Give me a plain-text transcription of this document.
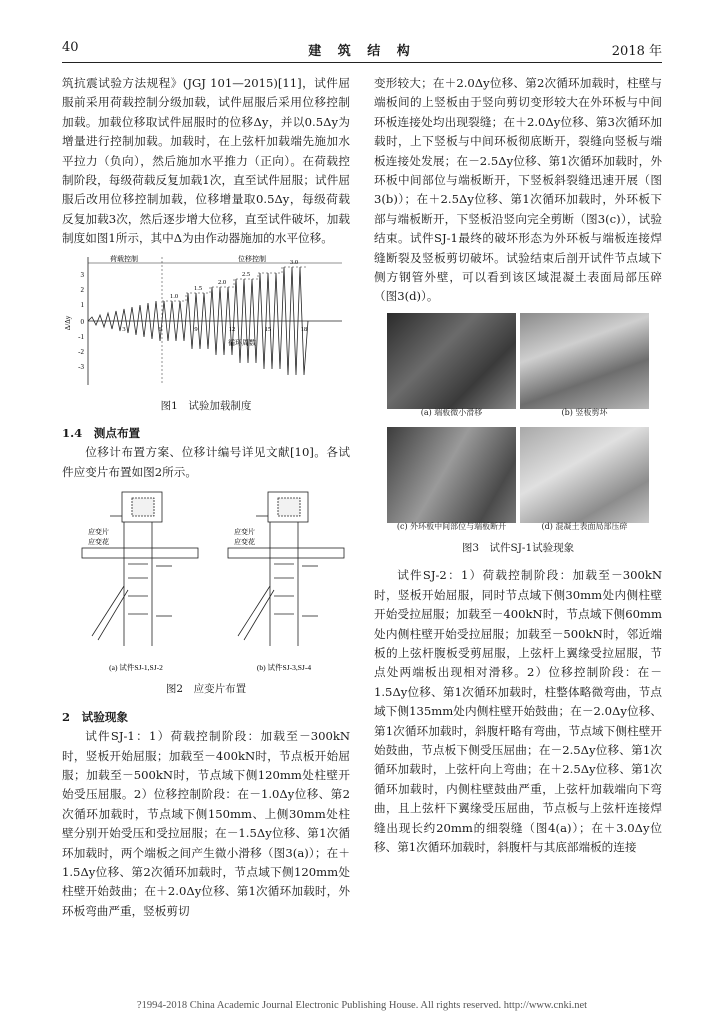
40	建 筑 结 构	2018 年

筑抗震试验方法规程》(JGJ 101—2015)[11]，试件屈服前采用荷载控制分级加载，试件屈服后采用位移控制加载。加载位移取试件屈服时的位移Δy，并以0.5Δy为增量进行控制加载。加载时，在上弦杆加载端先施加水平拉力（负向），然后施加水平推力（正向）。在荷载控制阶段，每级荷载反复加载1次，直至试件屈服；试件屈服后改用位移控制加载，位移增量取0.5Δy，每级荷载反复加载3次，然后逐步增大位移，直至试件破坏，加载制度如图1所示，其中Δ为由作动器施加的水平位移。

荷载控制	位移控制
3
2
1
0
-1
-2
-3
Δ/Δy
1.0
1.5
2.0
2.5
3.0
3	6	9	12	15	18
循环周数

图1　试验加载制度

1.4　测点布置

位移计布置方案、位移计编号详见文献[10]。各试件应变片布置如图2所示。

应变片
应变花
(a) 试件SJ-1,SJ-2
应变片
应变花
(b) 试件SJ-3,SJ-4

图2　应变片布置

2　试验现象

试件SJ-1：1）荷载控制阶段：加载至－300kN时，竖板开始屈服；加载至－400kN时，节点板开始屈服；加载至－500kN时，节点域下侧120mm处柱壁开始受压屈服。2）位移控制阶段：在－1.0Δy位移、第2次循环加载时，节点域下侧150mm、上侧30mm处柱壁分别开始受压和受拉屈服；在－1.5Δy位移、第1次循环加载时，两个端板之间产生微小滑移（图3(a)）；在＋1.5Δy位移、第2次循环加载时，节点域下侧120mm处柱壁开始鼓曲；在＋2.0Δy位移、第1次循环加载时，外环板弯曲严重，竖板剪切

变形较大；在＋2.0Δy位移、第2次循环加载时，柱壁与端板间的上竖板由于竖向剪切变形较大在外环板与中间环板连接处均出现裂缝；在＋2.0Δy位移、第3次循环加载时，上下竖板与中间环板彻底断开，裂缝向竖板与端板连接处发展；在－2.5Δy位移、第1次循环加载时，外环板中间部位与端板断开，下竖板斜裂缝迅速开展（图3(b)）；在＋2.5Δy位移、第1次循环加载时，外环板下部与端板断开，下竖板沿竖向完全剪断（图3(c)），试验结束。试件SJ-1最终的破坏形态为外环板与端板连接焊缝断裂及竖板剪切破坏。试验结束后剖开试件节点域下侧方钢管外壁，可以看到该区域混凝土表面局部压碎（图3(d)）。

(a) 端板微小滑移	(b) 竖板剪坏
(c) 外环板中间部位与端板断开	(d) 混凝土表面局部压碎

图3　试件SJ-1试验现象

试件SJ-2：1）荷载控制阶段：加载至－300kN时，竖板开始屈服，同时节点域下侧30mm处内侧柱壁开始受拉屈服；加载至－400kN时，节点域下侧60mm处内侧柱壁开始受拉屈服；加载至－500kN时，邻近端板的上弦杆腹板受剪屈服，上弦杆上翼缘受拉屈服，节点处两端板出现相对滑移。2）位移控制阶段：在－1.5Δy位移、第1次循环加载时，柱整体略微弯曲，节点域下侧135mm处内侧柱壁开始鼓曲；在－2.0Δy位移、第1次循环加载时，斜腹杆略有弯曲，节点域下侧柱壁开始鼓曲，节点板下侧受压屈曲；在－2.5Δy位移、第1次循环加载时，上弦杆向上弯曲；在＋2.5Δy位移、第1次循环加载时，内侧柱壁鼓曲严重，上弦杆加载端向下弯曲，且上弦杆下翼缘受压屈曲，节点板与上弦杆连接焊缝出现长约20mm的细裂缝（图4(a)）；在＋3.0Δy位移、第1次循环加载时，斜腹杆与其底部端板的连接

?1994-2018 China Academic Journal Electronic Publishing House. All rights reserved. http://www.cnki.net
